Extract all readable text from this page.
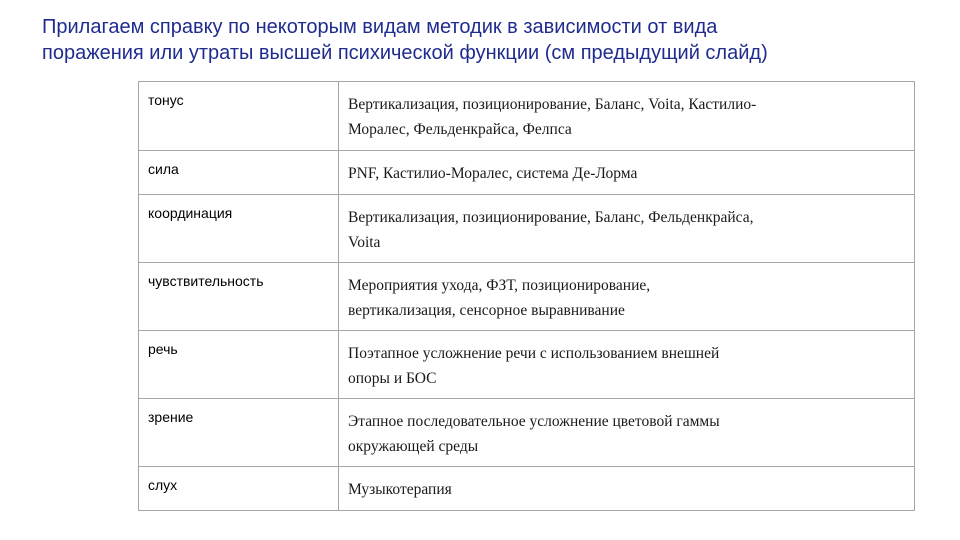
Прилагаем справку по некоторым видам методик в зависимости от вида
поражения или утраты высшей психической функции (см предыдущий слайд)
тонус	Вертикализация, позиционирование, Баланс, Voita, Кастилио-
Моралес, Фельденкрайса, Фелпса

сила	PNF, Кастилио-Моралес, система Де-Лорма

координация	Вертикализация, позиционирование, Баланс, Фельденкрайса,
Voita

чувствительность	Мероприятия ухода, ФЗТ, позиционирование,
вертикализация, сенсорное выравнивание

речь	Поэтапное усложнение речи с использованием внешней
опоры и БОС

зрение	Этапное последовательное усложнение цветовой гаммы
окружающей среды

слух	Музыкотерапия
